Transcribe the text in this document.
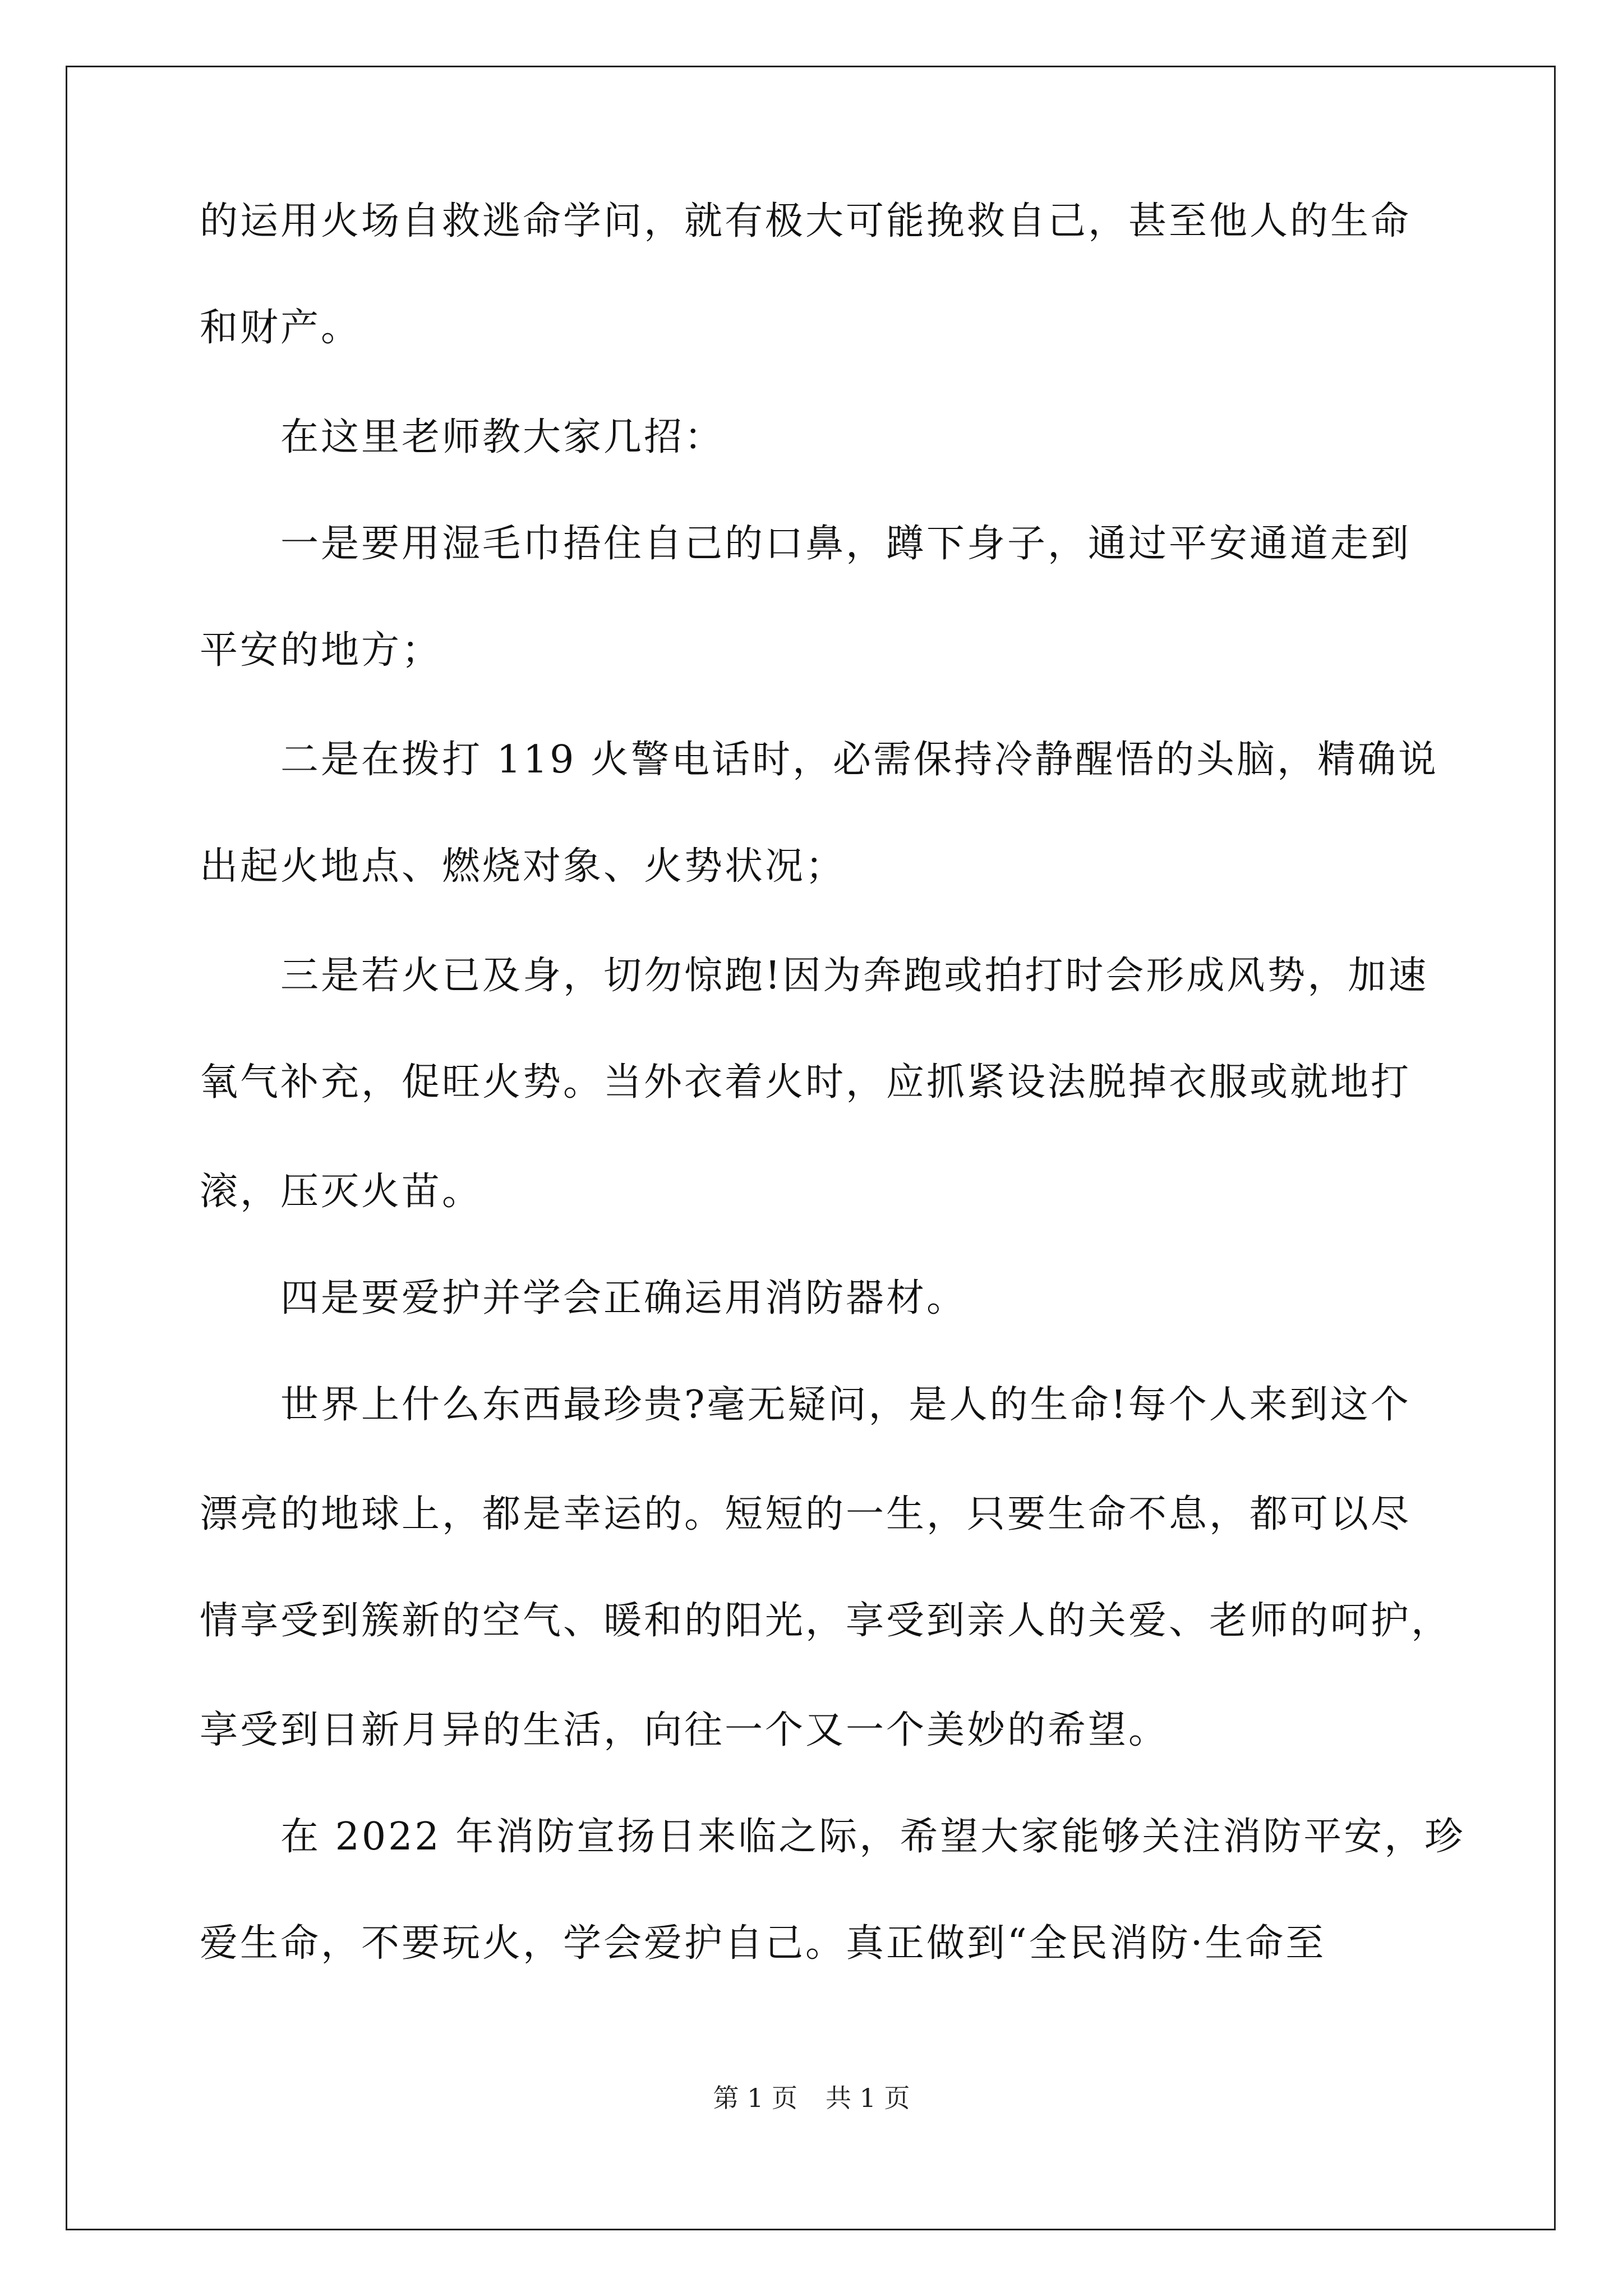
的运用火场自救逃命学问，就有极大可能挽救自己，甚至他人的生命
和财产。
在这里老师教大家几招：
一是要用湿毛巾捂住自己的口鼻，蹲下身子，通过平安通道走到
平安的地方；
二是在拨打 119 火警电话时，必需保持冷静醒悟的头脑，精确说
出起火地点、燃烧对象、火势状况；
三是若火已及身，切勿惊跑!因为奔跑或拍打时会形成风势，加速
氧气补充，促旺火势。当外衣着火时，应抓紧设法脱掉衣服或就地打
滚，压灭火苗。
四是要爱护并学会正确运用消防器材。
世界上什么东西最珍贵?毫无疑问，是人的生命!每个人来到这个
漂亮的地球上，都是幸运的。短短的一生，只要生命不息，都可以尽
情享受到簇新的空气、暖和的阳光，享受到亲人的关爱、老师的呵护，
享受到日新月异的生活，向往一个又一个美妙的希望。
在 2022 年消防宣扬日来临之际，希望大家能够关注消防平安，珍
爱生命，不要玩火，学会爱护自己。真正做到“全民消防·生命至
第 1 页 共 1 页
